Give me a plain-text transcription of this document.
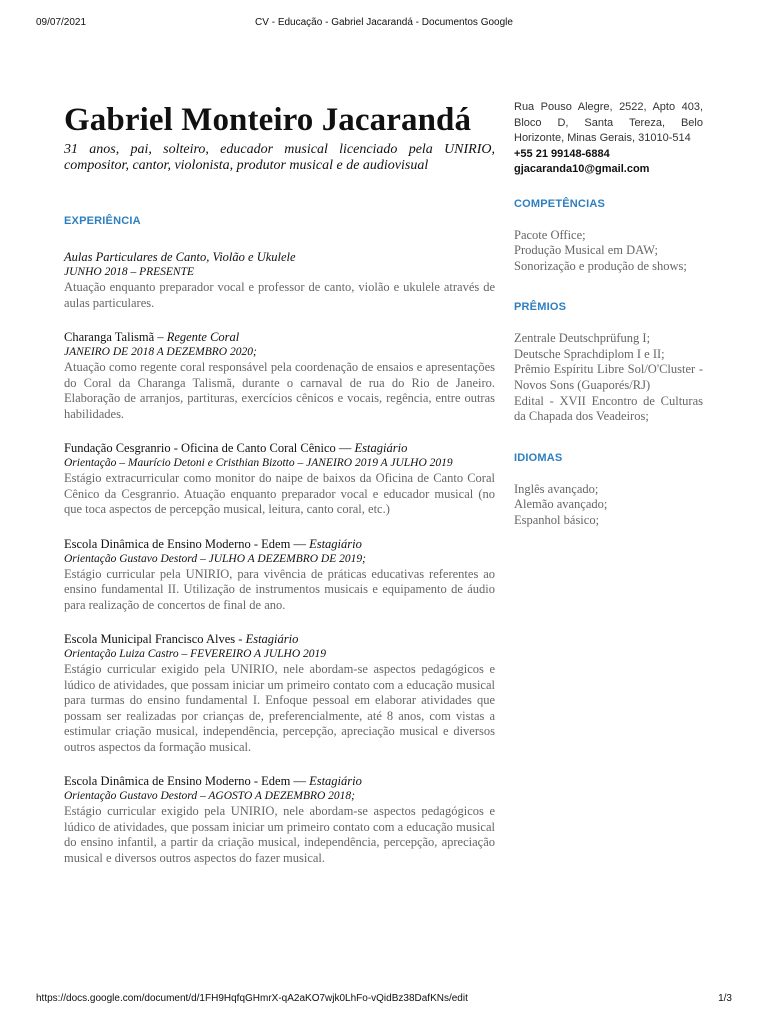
09/07/2021	CV - Educação - Gabriel Jacarandá - Documentos Google
Gabriel Monteiro Jacarandá
31 anos, pai, solteiro, educador musical licenciado pela UNIRIO, compositor, cantor, violonista, produtor musical e de audiovisual
EXPERIÊNCIA
Aulas Particulares de Canto, Violão e Ukulele
JUNHO 2018 – PRESENTE
Atuação enquanto preparador vocal e professor de canto, violão e ukulele através de aulas particulares.
Charanga Talismã – Regente Coral
JANEIRO DE 2018 A DEZEMBRO 2020;
Atuação como regente coral responsável pela coordenação de ensaios e apresentações do Coral da Charanga Talismã, durante o carnaval de rua do Rio de Janeiro. Elaboração de arranjos, partituras, exercícios cênicos e vocais, regência, entre outras habilidades.
Fundação Cesgranrio - Oficina de Canto Coral Cênico — Estagiário
Orientação – Maurício Detoni e Cristhian Bizotto – JANEIRO 2019 A JULHO 2019
Estágio extracurricular como monitor do naipe de baixos da Oficina de Canto Coral Cênico da Cesgranrio. Atuação enquanto preparador vocal e educador musical (no que toca aspectos de percepção musical, leitura, canto coral, etc.)
Escola Dinâmica de Ensino Moderno - Edem — Estagiário
Orientação Gustavo Destord – JULHO A DEZEMBRO DE 2019;
Estágio curricular pela UNIRIO, para vivência de práticas educativas referentes ao ensino fundamental II. Utilização de instrumentos musicais e equipamento de áudio para realização de concertos de final de ano.
Escola Municipal Francisco Alves - Estagiário
Orientação Luiza Castro – FEVEREIRO A JULHO 2019
Estágio curricular exigido pela UNIRIO, nele abordam-se aspectos pedagógicos e lúdico de atividades, que possam iniciar um primeiro contato com a educação musical para turmas do ensino fundamental I. Enfoque pessoal em elaborar atividades que possam ser realizadas por crianças de, preferencialmente, até 8 anos, com vistas a estimular criação musical, independência, percepção, apreciação musical e diversos outros aspectos da formação musical.
Escola Dinâmica de Ensino Moderno - Edem — Estagiário
Orientação Gustavo Destord – AGOSTO A DEZEMBRO 2018;
Estágio curricular exigido pela UNIRIO, nele abordam-se aspectos pedagógicos e lúdico de atividades, que possam iniciar um primeiro contato com a educação musical do ensino infantil, a partir da criação musical, independência, percepção, apreciação musical e diversos outros aspectos do fazer musical.
Rua Pouso Alegre, 2522, Apto 403, Bloco D, Santa Tereza, Belo Horizonte, Minas Gerais, 31010-514
+55 21 99148-6884
gjacaranda10@gmail.com
COMPETÊNCIAS
Pacote Office;
Produção Musical em DAW;
Sonorização e produção de shows;
PRÊMIOS
Zentrale Deutschprüfung I;
Deutsche Sprachdiplom I e II;
Prêmio Espíritu Libre Sol/O'Cluster - Novos Sons (Guaporés/RJ)
Edital - XVII Encontro de Culturas da Chapada dos Veadeiros;
IDIOMAS
Inglês avançado;
Alemão avançado;
Espanhol básico;
https://docs.google.com/document/d/1FH9HqfqGHmrX-qA2aKO7wjk0LhFo-vQidBz38DafKNs/edit	1/3
